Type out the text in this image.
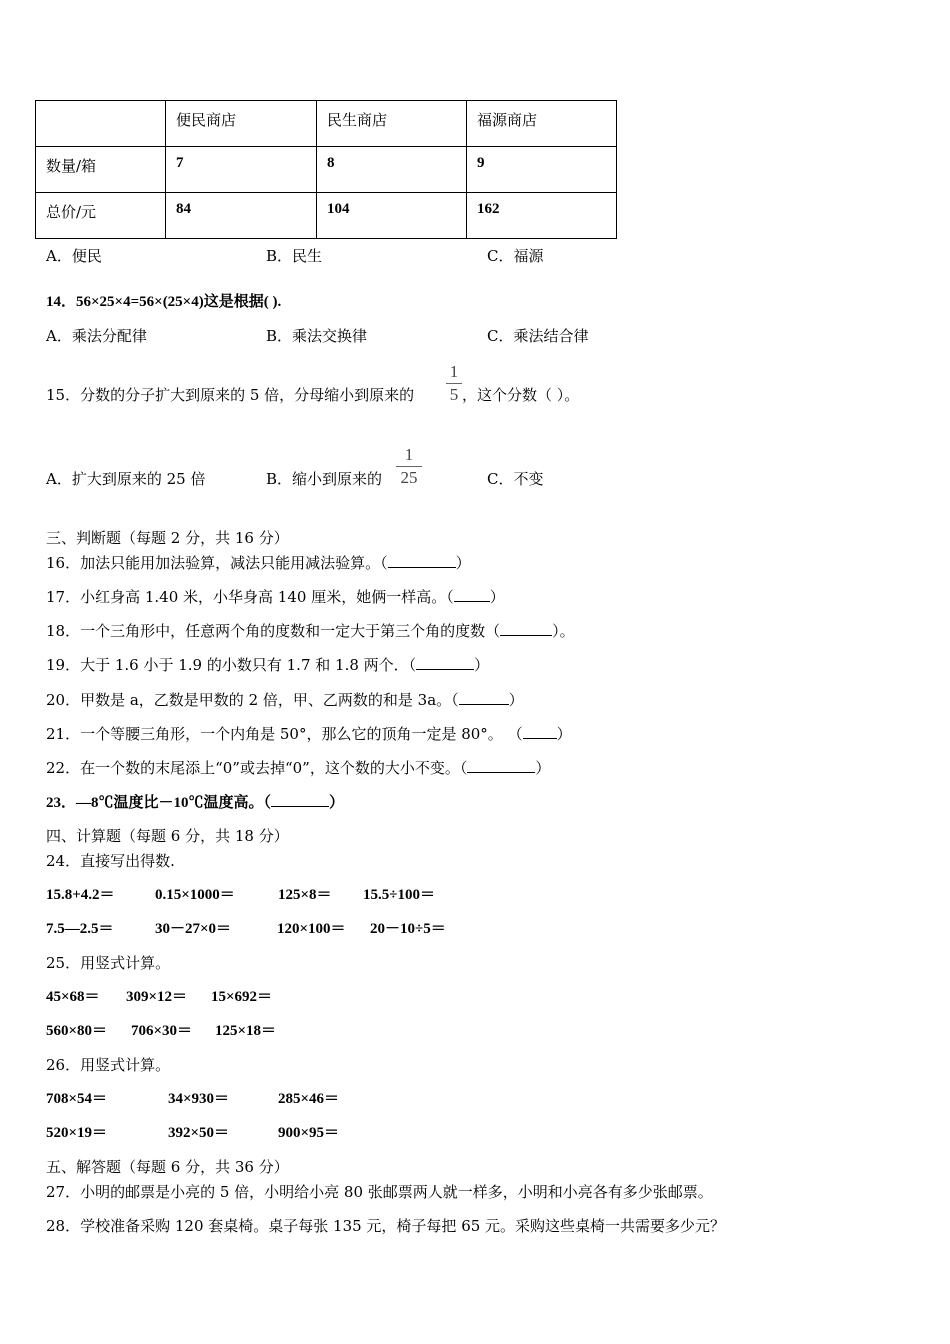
	便民商店	民生商店	福源商店
数量/箱	7	8	9
总价/元	84	104	162
A．便民	B．民生	C．福源
14．56×25×4=56×(25×4)这是根据( ).
A．乘法分配律	B．乘法交换律	C．乘法结合律
15．分数的分子扩大到原来的 5 倍，分母缩小到原来的
1
5 ，这个分数（ ）。
A．扩大到原来的 25 倍	B．缩小到原来的
1
25	C．不变
三、判断题（每题 2 分，共 16 分）
16．加法只能用加法验算，减法只能用减法验算。（	）
17．小红身高 1.40 米，小华身高 140 厘米，她俩一样高。（ ）
18．一个三角形中，任意两个角的度数和一定大于第三个角的度数（	）。
19．大于 1.6 小于 1.9 的小数只有 1.7 和 1.8 两个．（	）
20．甲数是 a，乙数是甲数的 2 倍，甲、乙两数的和是 3a。（	）
21．一个等腰三角形，一个内角是 50°，那么它的顶角一定是 80°。 （ ）
22．在一个数的末尾添上“0”或去掉“0”，这个数的大小不变。（	）
23．—8℃温度比－10℃温度高。（	）
四、计算题（每题 6 分，共 18 分）
24．直接写出得数.
15.8+4.2＝	0.15×1000＝	125×8＝ 15.5÷100＝
7.5—2.5＝	30－27×0＝	120×100＝ 20－10÷5＝
25．用竖式计算。
45×68＝ 309×12＝ 15×692＝
560×80＝ 706×30＝ 125×18＝
26．用竖式计算。
708×54＝	34×930＝	285×46＝
520×19＝	392×50＝	900×95＝
五、解答题（每题 6 分，共 36 分）
27．小明的邮票是小亮的 5 倍，小明给小亮 80 张邮票两人就一样多，小明和小亮各有多少张邮票。
28．学校准备采购 120 套桌椅。桌子每张 135 元，椅子每把 65 元。采购这些桌椅一共需要多少元？
